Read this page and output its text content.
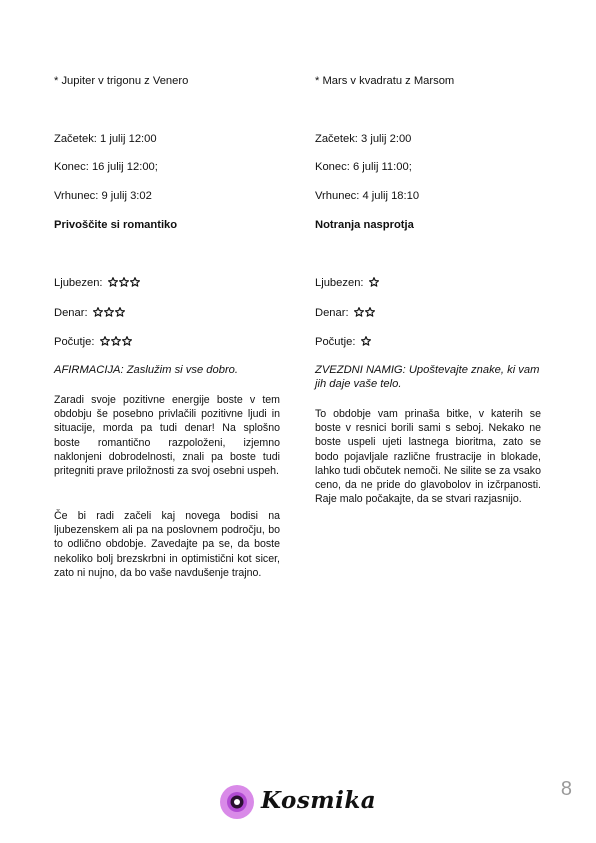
* Jupiter v trigonu z Venero
Začetek: 1 julij 12:00
Konec: 16 julij 12:00;
Vrhunec: 9 julij 3:02
Privoščite si romantiko
Ljubezen:
Denar:
Počutje:
AFIRMACIJA: Zaslužim si vse dobro.
Zaradi svoje pozitivne energije boste v tem obdobju še posebno privlačili pozitivne ljudi in situacije, morda pa tudi denar! Na splošno boste romantično razpoloženi, izjemno naklonjeni dobrodelnosti, znali pa boste tudi pritegniti prave priložnosti za svoj osebni uspeh.
Če bi radi začeli kaj novega bodisi na ljubezenskem ali pa na poslovnem področju, bo to odlično obdobje. Zavedajte pa se, da boste nekoliko bolj brezskrbni in optimistični kot sicer, zato ni nujno, da bo vaše navdušenje trajno.
* Mars v kvadratu z Marsom
Začetek: 3 julij 2:00
Konec: 6 julij 11:00;
Vrhunec: 4 julij 18:10
Notranja nasprotja
Ljubezen:
Denar:
Počutje:
ZVEZDNI NAMIG: Upoštevajte znake, ki vam jih daje vaše telo.
To obdobje vam prinaša bitke, v katerih se boste v resnici borili sami s seboj. Nekako ne boste uspeli ujeti lastnega bioritma, zato se bodo pojavljale različne frustracije in blokade, lahko tudi občutek nemoči. Ne silite se za vsako ceno, da ne pride do glavobolov in izčrpanosti. Raje malo počakajte, da se stvari razjasnijo.
Kosmika	8
